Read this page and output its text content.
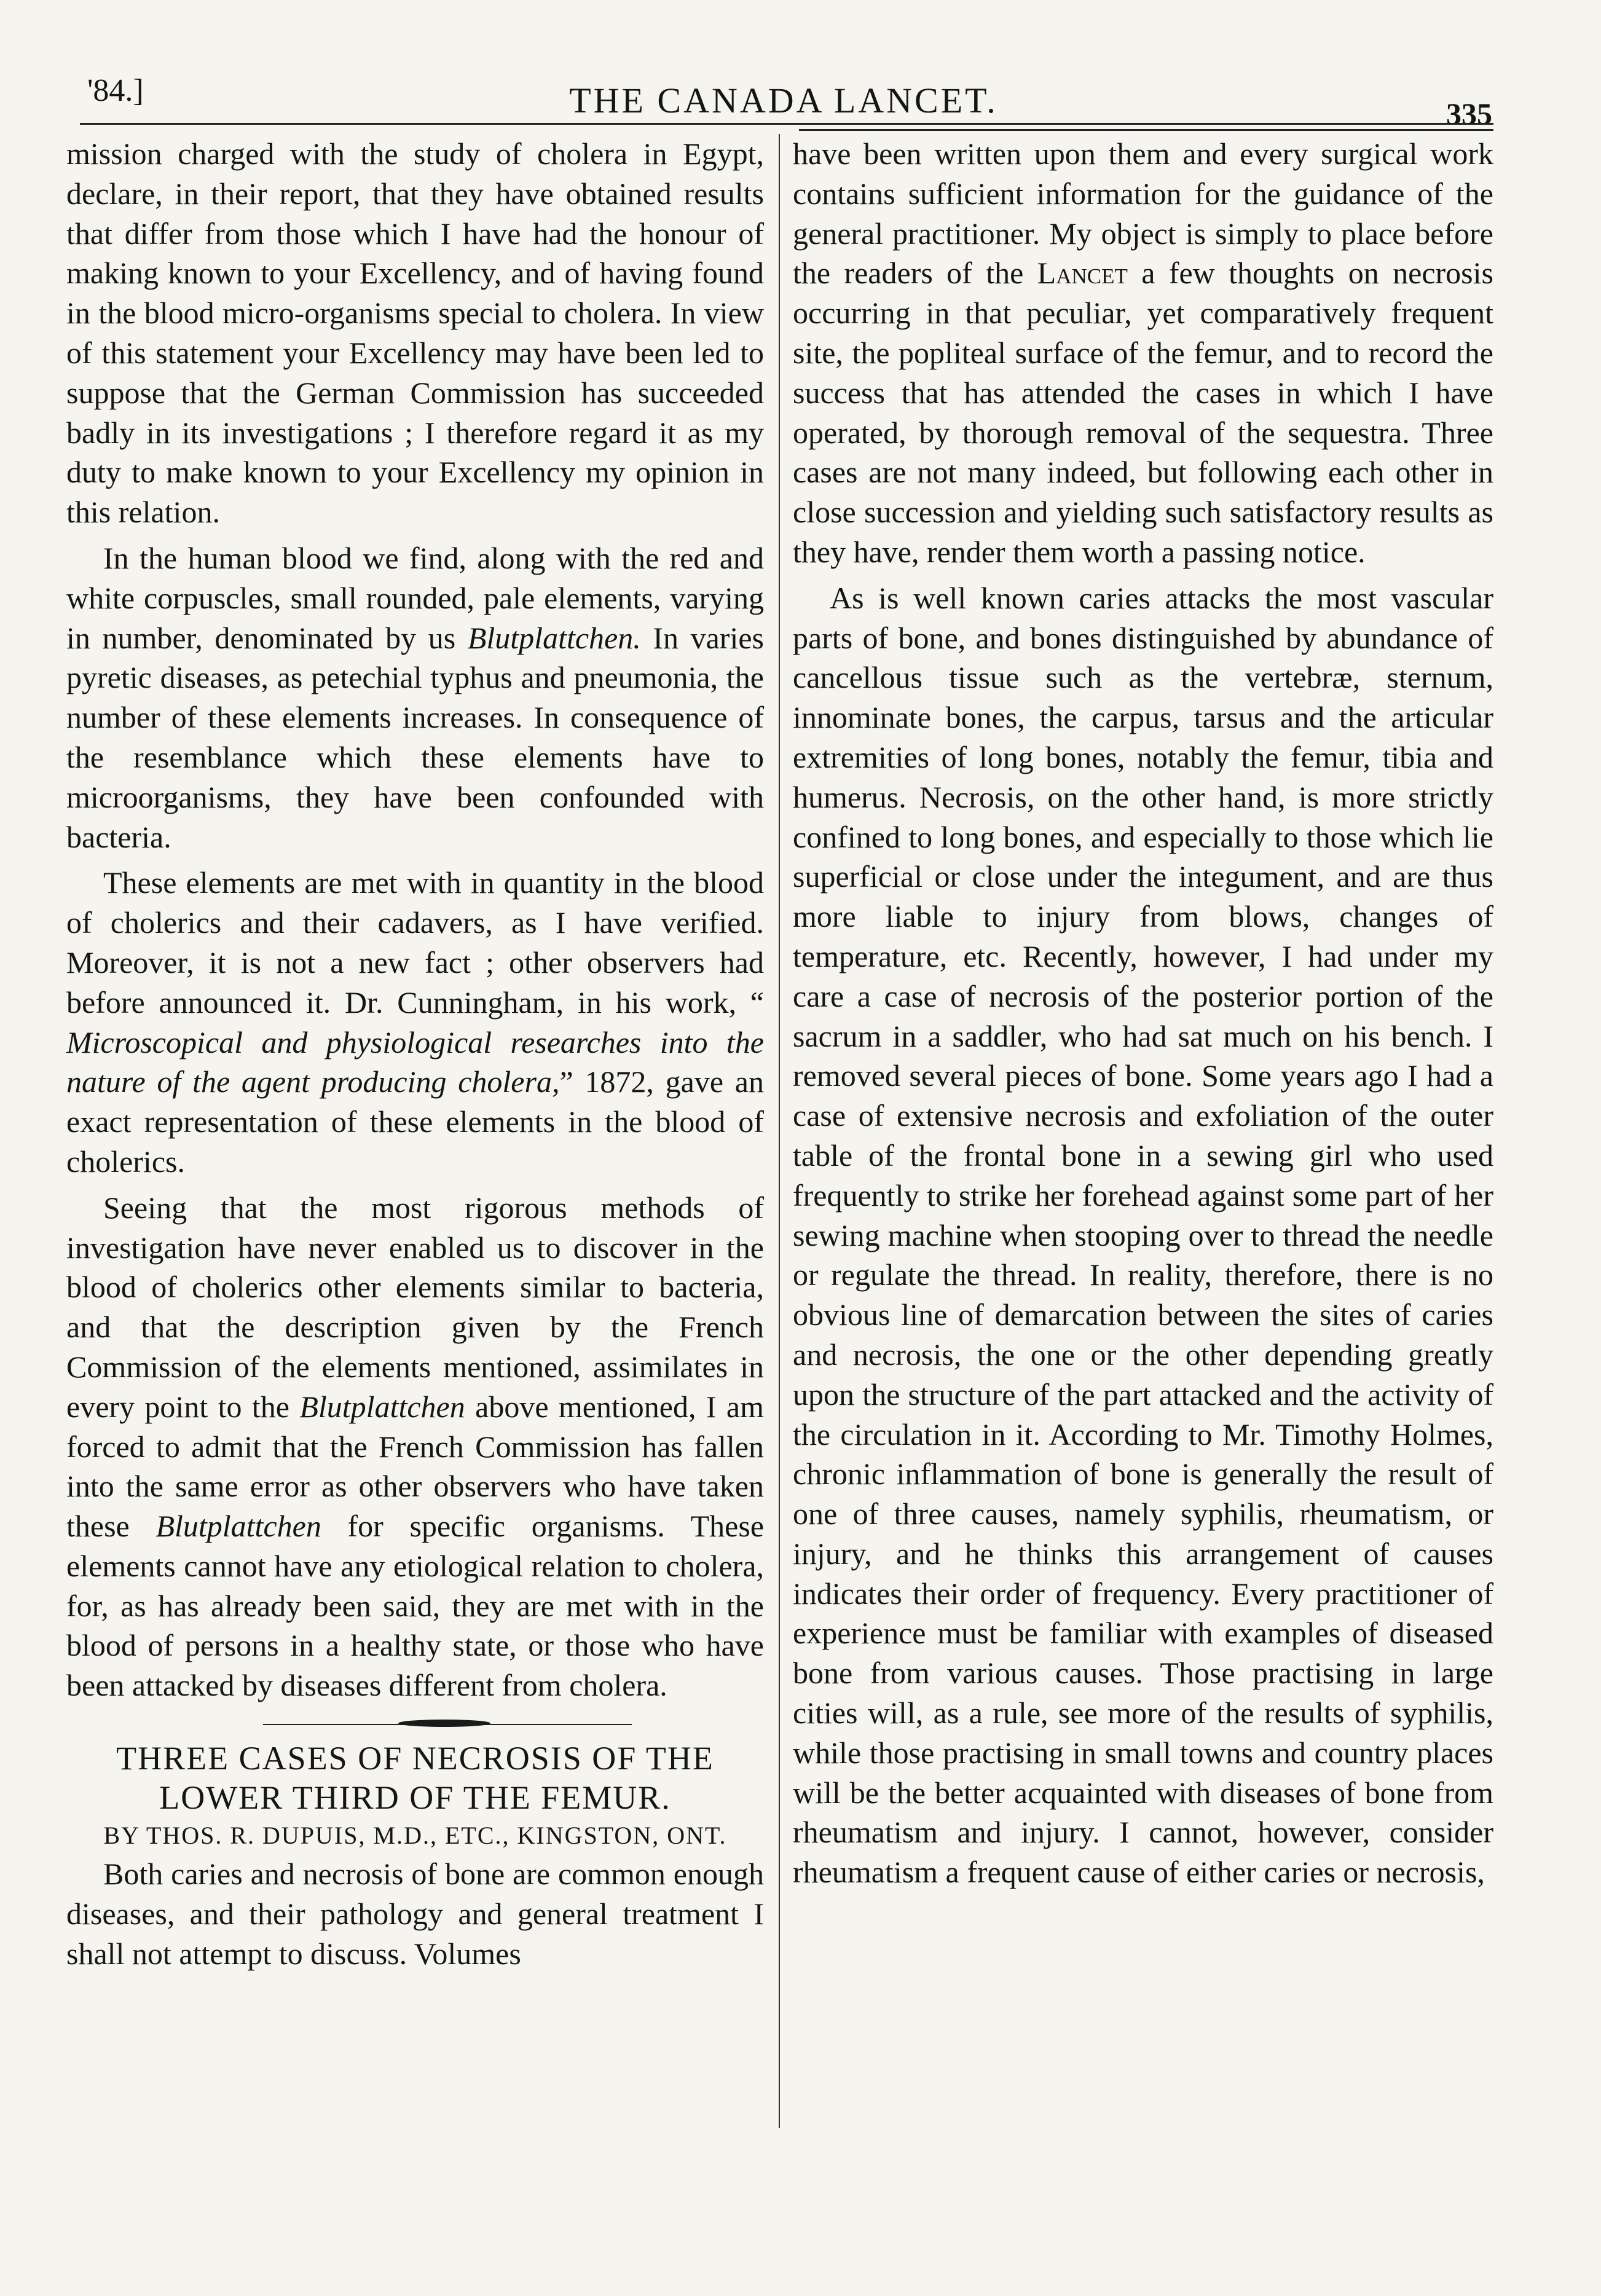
'84.]	THE CANADA LANCET.	335

mission charged with the study of cholera in Egypt, declare, in their report, that they have obtained results that differ from those which I have had the honour of making known to your Excellency, and of having found in the blood micro-organisms special to cholera. In view of this statement your Excellency may have been led to suppose that the German Commission has succeeded badly in its investigations ; I therefore regard it as my duty to make known to your Excellency my opinion in this relation.

In the human blood we find, along with the red and white corpuscles, small rounded, pale elements, varying in number, denominated by us Blutplattchen. In varies pyretic diseases, as petechial typhus and pneumonia, the number of these elements increases. In consequence of the resemblance which these elements have to microorganisms, they have been confounded with bacteria.

These elements are met with in quantity in the blood of cholerics and their cadavers, as I have verified. Moreover, it is not a new fact ; other observers had before announced it. Dr. Cunningham, in his work, “ Microscopical and physiological researches into the nature of the agent producing cholera,” 1872, gave an exact representation of these elements in the blood of cholerics.

Seeing that the most rigorous methods of investigation have never enabled us to discover in the blood of cholerics other elements similar to bacteria, and that the description given by the French Commission of the elements mentioned, assimilates in every point to the Blutplattchen above mentioned, I am forced to admit that the French Commission has fallen into the same error as other observers who have taken these Blutplattchen for specific organisms. These elements cannot have any etiological relation to cholera, for, as has already been said, they are met with in the blood of persons in a healthy state, or those who have been attacked by diseases different from cholera.

THREE CASES OF NECROSIS OF THE
LOWER THIRD OF THE FEMUR.

BY THOS. R. DUPUIS, M.D., ETC., KINGSTON, ONT.

Both caries and necrosis of bone are common enough diseases, and their pathology and general treatment I shall not attempt to discuss. Volumes

have been written upon them and every surgical work contains sufficient information for the guidance of the general practitioner. My object is simply to place before the readers of the Lancet a few thoughts on necrosis occurring in that peculiar, yet comparatively frequent site, the popliteal surface of the femur, and to record the success that has attended the cases in which I have operated, by thorough removal of the sequestra. Three cases are not many indeed, but following each other in close succession and yielding such satisfactory results as they have, render them worth a passing notice.

As is well known caries attacks the most vascular parts of bone, and bones distinguished by abundance of cancellous tissue such as the vertebræ, sternum, innominate bones, the carpus, tarsus and the articular extremities of long bones, notably the femur, tibia and humerus. Necrosis, on the other hand, is more strictly confined to long bones, and especially to those which lie superficial or close under the integument, and are thus more liable to injury from blows, changes of temperature, etc. Recently, however, I had under my care a case of necrosis of the posterior portion of the sacrum in a saddler, who had sat much on his bench. I removed several pieces of bone. Some years ago I had a case of extensive necrosis and exfoliation of the outer table of the frontal bone in a sewing girl who used frequently to strike her forehead against some part of her sewing machine when stooping over to thread the needle or regulate the thread. In reality, therefore, there is no obvious line of demarcation between the sites of caries and necrosis, the one or the other depending greatly upon the structure of the part attacked and the activity of the circulation in it. According to Mr. Timothy Holmes, chronic inflammation of bone is generally the result of one of three causes, namely syphilis, rheumatism, or injury, and he thinks this arrangement of causes indicates their order of frequency. Every practitioner of experience must be familiar with examples of diseased bone from various causes. Those practising in large cities will, as a rule, see more of the results of syphilis, while those practising in small towns and country places will be the better acquainted with diseases of bone from rheumatism and injury. I cannot, however, consider rheumatism a frequent cause of either caries or necrosis,
